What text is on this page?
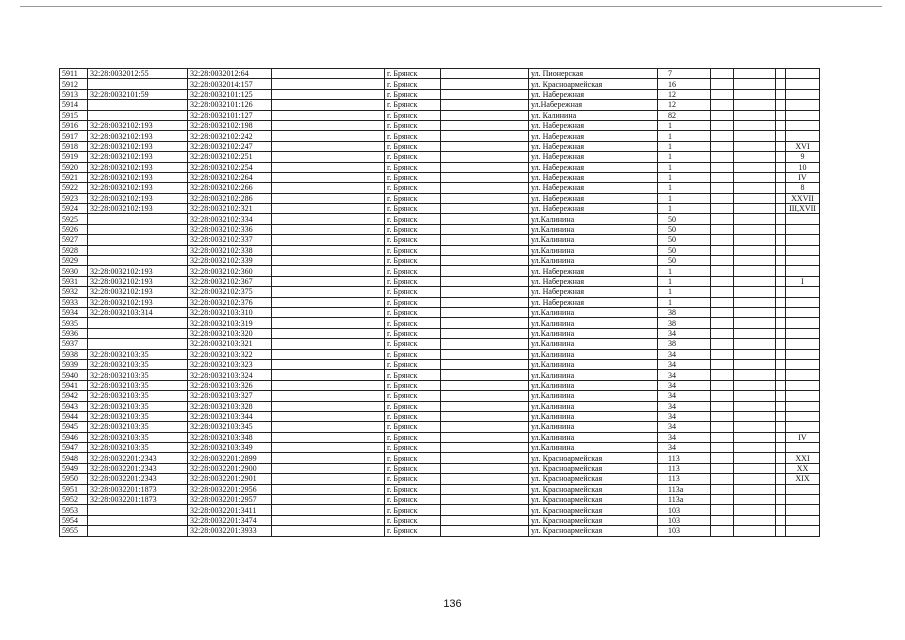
5911	32:28:0032012:55	32:28:0032012:64		г. Брянск		ул. Пионерская	7				
5912		32:28:0032014:157		г. Брянск		ул. Красноармейская	16				
5913	32:28:0032101:59	32:28:0032101:125		г. Брянск		ул. Набережная	12				
5914		32:28:0032101:126		г. Брянск		ул.Набережная	12				
5915		32:28:0032101:127		г. Брянск		ул. Калинина	82				
5916	32:28:0032102:193	32:28:0032102:198		г. Брянск		ул. Набережная	1				
5917	32:28:0032102:193	32:28:0032102:242		г. Брянск		ул. Набережная	1				
5918	32:28:0032102:193	32:28:0032102:247		г. Брянск		ул. Набережная	1				XVI
5919	32:28:0032102:193	32:28:0032102:251		г. Брянск		ул. Набережная	1				9
5920	32:28:0032102:193	32:28:0032102:254		г. Брянск		ул. Набережная	1				10
5921	32:28:0032102:193	32:28:0032102:264		г. Брянск		ул. Набережная	1				IV
5922	32:28:0032102:193	32:28:0032102:266		г. Брянск		ул. Набережная	1				8
5923	32:28:0032102:193	32:28:0032102:286		г. Брянск		ул. Набережная	1				XXVII
5924	32:28:0032102:193	32:28:0032102:321		г. Брянск		ул. Набережная	1				III,XVII
5925		32:28:0032102:334		г. Брянск		ул.Калинина	50				
5926		32:28:0032102:336		г. Брянск		ул.Калинина	50				
5927		32:28:0032102:337		г. Брянск		ул.Калинина	50				
5928		32:28:0032102:338		г. Брянск		ул.Калинина	50				
5929		32:28:0032102:339		г. Брянск		ул.Калинина	50				
5930	32:28:0032102:193	32:28:0032102:360		г. Брянск		ул. Набережная	1				
5931	32:28:0032102:193	32:28:0032102:367		г. Брянск		ул. Набережная	1				I
5932	32:28:0032102:193	32:28:0032102:375		г. Брянск		ул. Набережная	1				
5933	32:28:0032102:193	32:28:0032102:376		г. Брянск		ул. Набережная	1				
5934	32:28:0032103:314	32:28:0032103:310		г. Брянск		ул.Калинина	38				
5935		32:28:0032103:319		г. Брянск		ул.Калинина	38				
5936		32:28:0032103:320		г. Брянск		ул.Калинина	34				
5937		32:28:0032103:321		г. Брянск		ул.Калинина	38				
5938	32:28:0032103:35	32:28:0032103:322		г. Брянск		ул.Калинина	34				
5939	32:28:0032103:35	32:28:0032103:323		г. Брянск		ул.Калинина	34				
5940	32:28:0032103:35	32:28:0032103:324		г. Брянск		ул.Калинина	34				
5941	32:28:0032103:35	32:28:0032103:326		г. Брянск		ул.Калинина	34				
5942	32:28:0032103:35	32:28:0032103:327		г. Брянск		ул.Калинина	34				
5943	32:28:0032103:35	32:28:0032103:328		г. Брянск		ул.Калинина	34				
5944	32:28:0032103:35	32:28:0032103:344		г. Брянск		ул.Калинина	34				
5945	32:28:0032103:35	32:28:0032103:345		г. Брянск		ул.Калинина	34				
5946	32:28:0032103:35	32:28:0032103:348		г. Брянск		ул.Калинина	34				IV
5947	32:28:0032103:35	32:28:0032103:349		г. Брянск		ул.Калинина	34				
5948	32:28:0032201:2343	32:28:0032201:2899		г. Брянск		ул. Красноармейская	113				XXI
5949	32:28:0032201:2343	32:28:0032201:2900		г. Брянск		ул. Красноармейская	113				XX
5950	32:28:0032201:2343	32:28:0032201:2901		г. Брянск		ул. Красноармейская	113				XIX
5951	32:28:0032201:1873	32:28:0032201:2956		г. Брянск		ул. Красноармейская	113а				
5952	32:28:0032201:1873	32:28:0032201:2957		г. Брянск		ул. Красноармейская	113а				
5953		32:28:0032201:3411		г. Брянск		ул. Красноармейская	103				
5954		32:28:0032201:3474		г. Брянск		ул. Красноармейская	103				
5955		32:28:0032201:3933		г. Брянск		ул. Красноармейская	103				
136
